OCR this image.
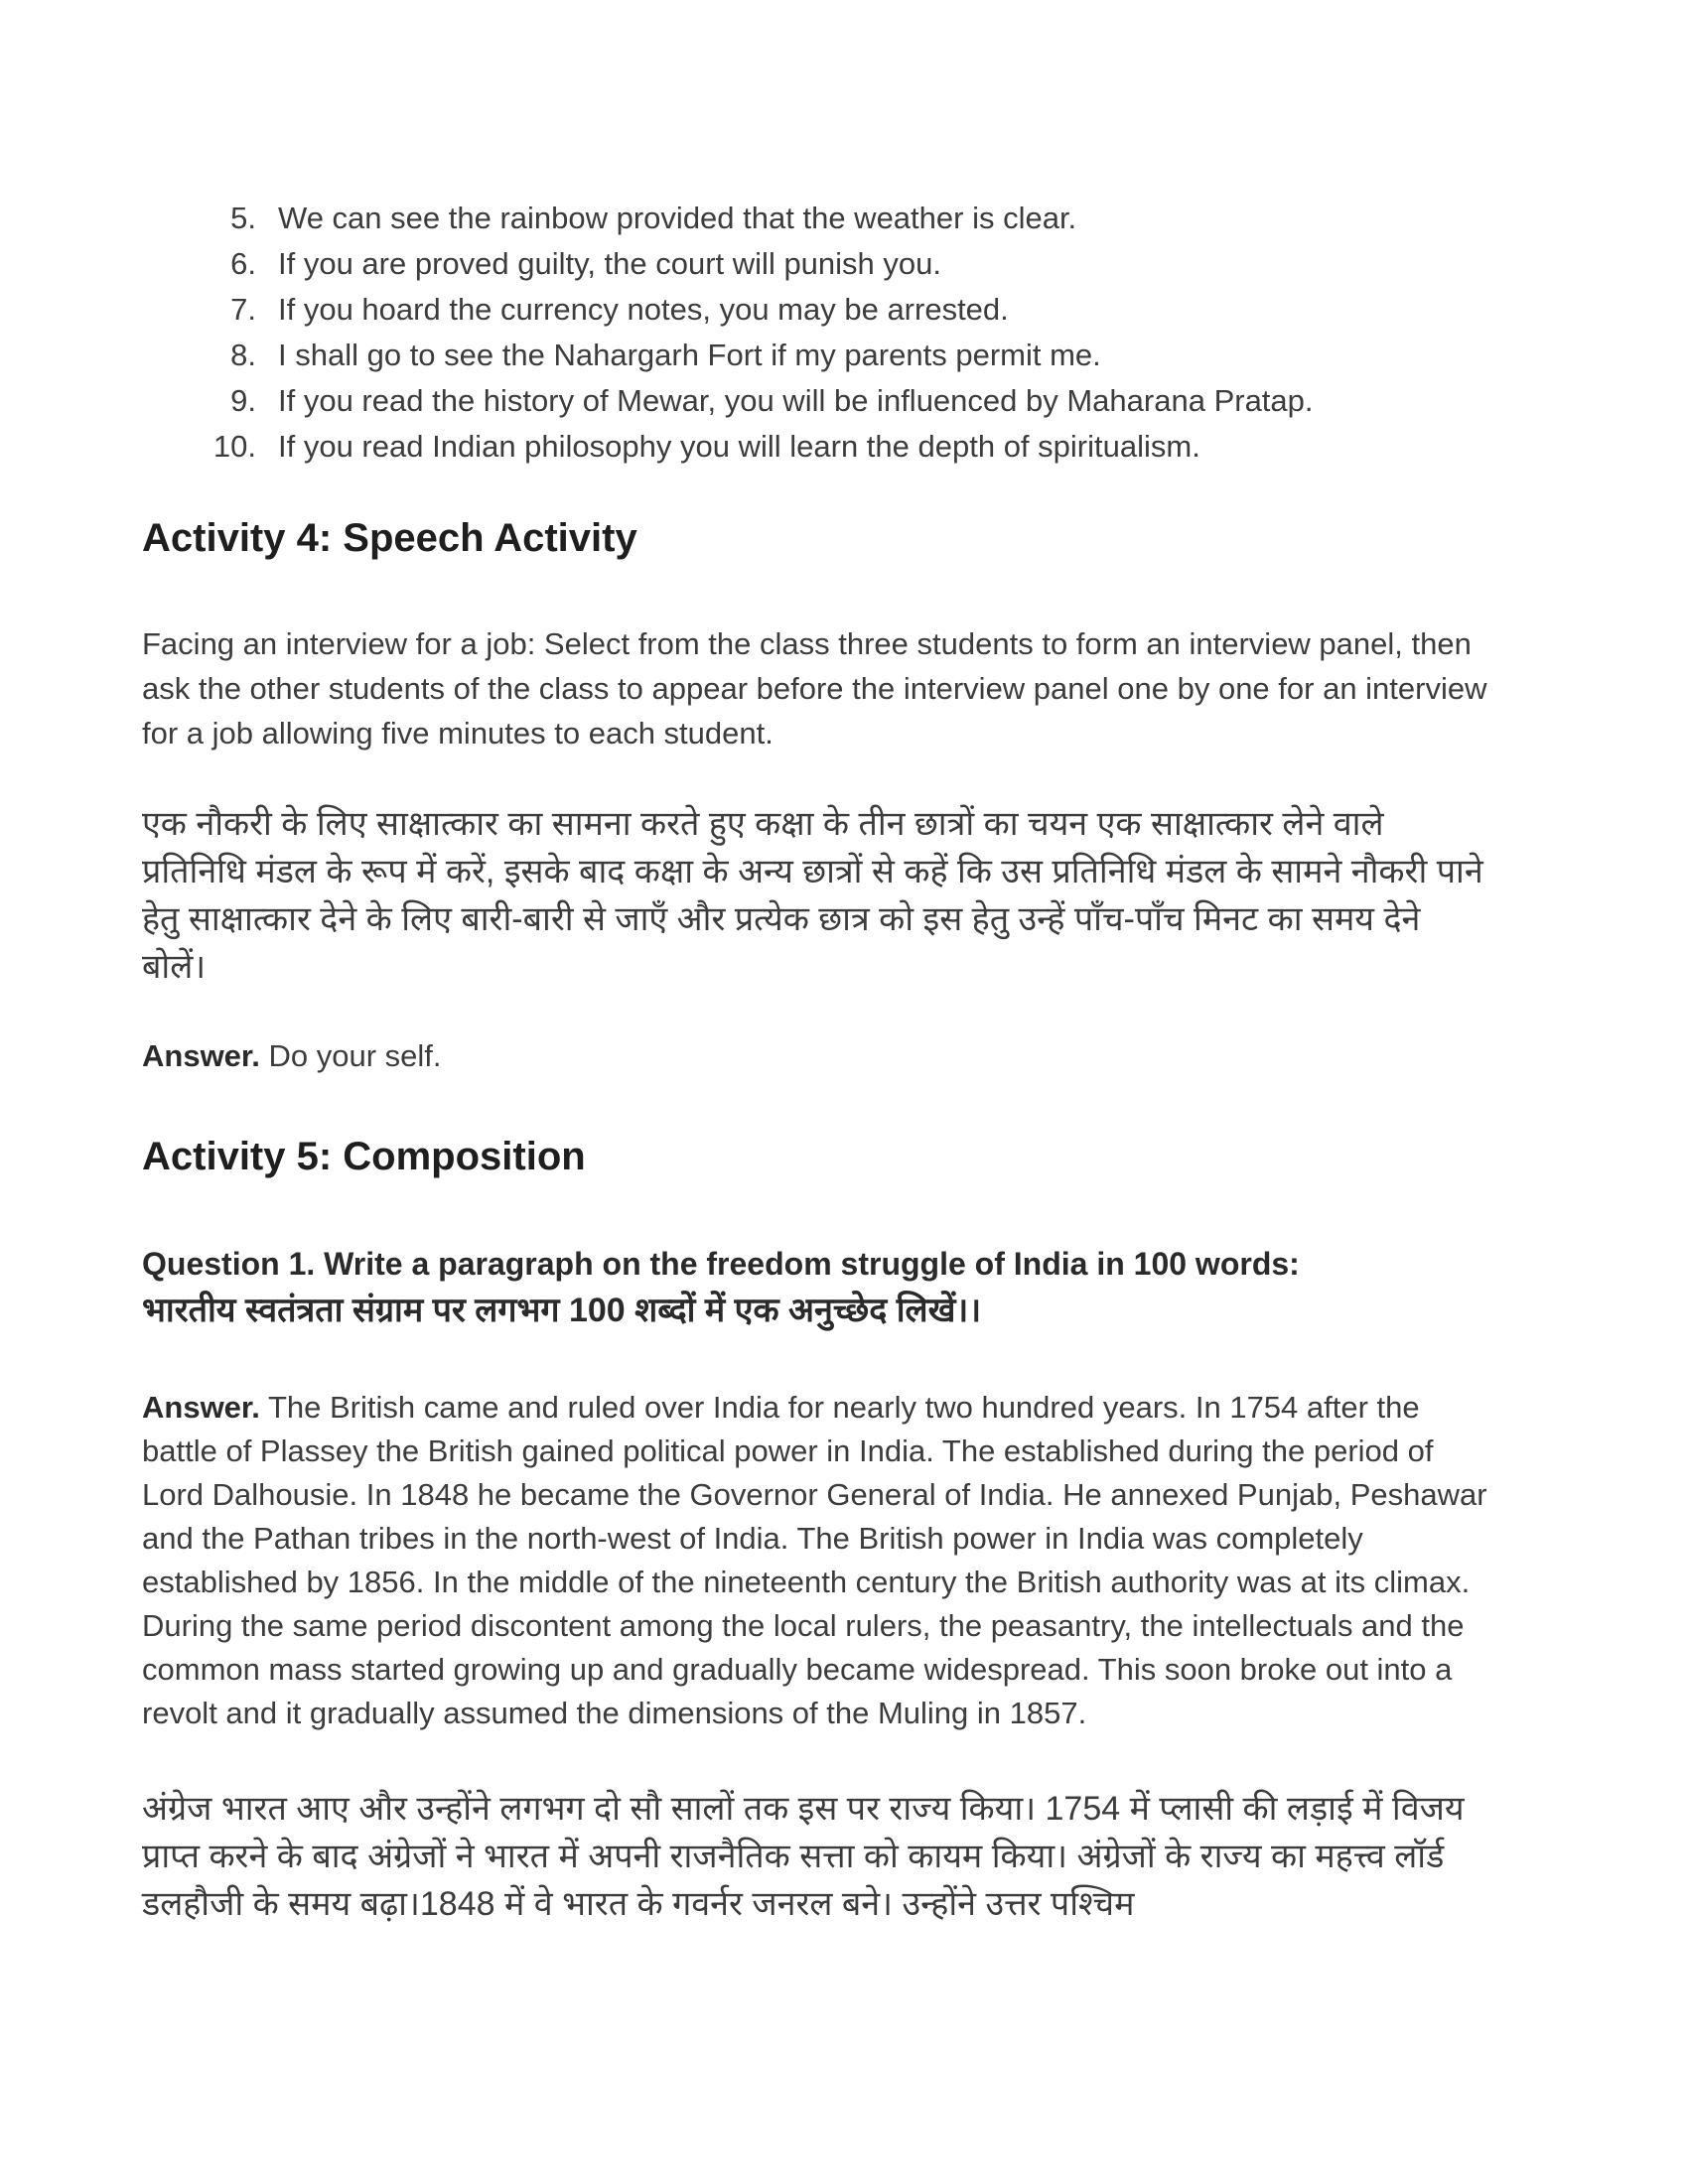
5. We can see the rainbow provided that the weather is clear.
6. If you are proved guilty, the court will punish you.
7. If you hoard the currency notes, you may be arrested.
8. I shall go to see the Nahargarh Fort if my parents permit me.
9. If you read the history of Mewar, you will be influenced by Maharana Pratap.
10. If you read Indian philosophy you will learn the depth of spiritualism.
Activity 4: Speech Activity

Facing an interview for a job: Select from the class three students to form an interview panel, then ask the other students of the class to appear before the interview panel one by one for an interview for a job allowing five minutes to each student.

एक नौकरी के लिए साक्षात्कार का सामना करते हुए कक्षा के तीन छात्रों का चयन एक साक्षात्कार लेने वाले प्रतिनिधि मंडल के रूप में करें, इसके बाद कक्षा के अन्य छात्रों से कहें कि उस प्रतिनिधि मंडल के सामने नौकरी पाने हेतु साक्षात्कार देने के लिए बारी-बारी से जाएँ और प्रत्येक छात्र को इस हेतु उन्हें पाँच-पाँच मिनट का समय देने बोलें।

Answer. Do your self.

Activity 5: Composition

Question 1. Write a paragraph on the freedom struggle of India in 100 words:

भारतीय स्वतंत्रता संग्राम पर लगभग 100 शब्दों में एक अनुच्छेद लिखें।।

Answer. The British came and ruled over India for nearly two hundred years. In 1754 after the battle of Plassey the British gained political power in India. The established during the period of Lord Dalhousie. In 1848 he became the Governor General of India. He annexed Punjab, Peshawar and the Pathan tribes in the north-west of India. The British power in India was completely established by 1856. In the middle of the nineteenth century the British authority was at its climax. During the same period discontent among the local rulers, the peasantry, the intellectuals and the common mass started growing up and gradually became widespread. This soon broke out into a revolt and it gradually assumed the dimensions of the Muling in 1857.

अंग्रेज भारत आए और उन्होंने लगभग दो सौ सालों तक इस पर राज्य किया। 1754 में प्लासी की लड़ाई में विजय प्राप्त करने के बाद अंग्रेजों ने भारत में अपनी राजनैतिक सत्ता को कायम किया। अंग्रेजों के राज्य का महत्त्व लॉर्ड डलहौजी के समय बढ़ा।1848 में वे भारत के गवर्नर जनरल बने। उन्होंने उत्तर पश्चिम
